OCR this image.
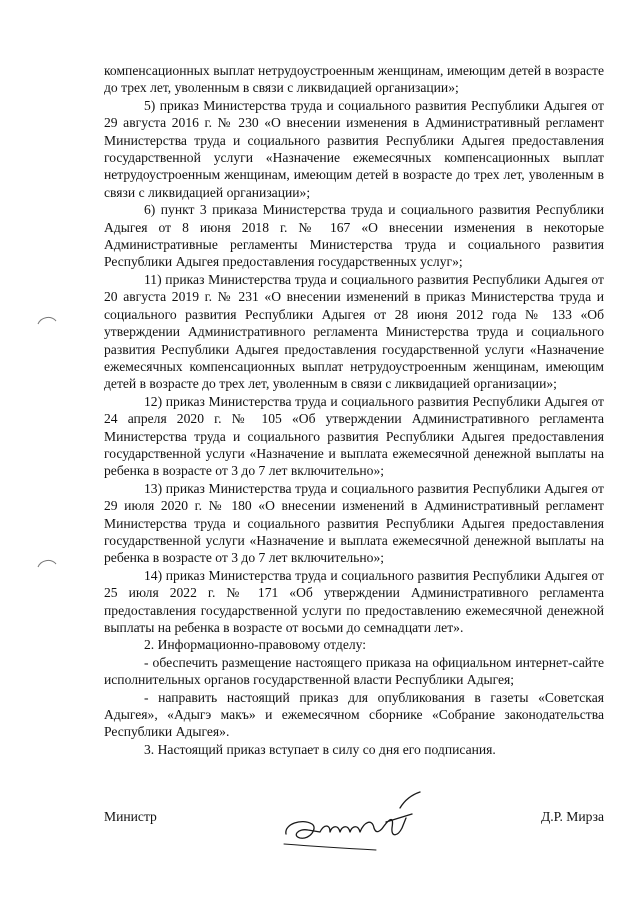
компенсационных выплат нетрудоустроенным женщинам, имеющим детей в возрасте до трех лет, уволенным в связи с ликвидацией организации»;

5) приказ Министерства труда и социального развития Республики Адыгея от 29 августа 2016 г. № 230 «О внесении изменения в Административный регламент Министерства труда и социального развития Республики Адыгея предоставления государственной услуги «Назначение ежемесячных компенсационных выплат нетрудоустроенным женщинам, имеющим детей в возрасте до трех лет, уволенным в связи с ликвидацией организации»;

6) пункт 3 приказа Министерства труда и социального развития Республики Адыгея от 8 июня 2018 г. № 167 «О внесении изменения в некоторые Административные регламенты Министерства труда и социального развития Республики Адыгея предоставления государственных услуг»;

11) приказ Министерства труда и социального развития Республики Адыгея от 20 августа 2019 г. № 231 «О внесении изменений в приказ Министерства труда и социального развития Республики Адыгея от 28 июня 2012 года № 133 «Об утверждении Административного регламента Министерства труда и социального развития Республики Адыгея предоставления государственной услуги «Назначение ежемесячных компенсационных выплат нетрудоустроенным женщинам, имеющим детей в возрасте до трех лет, уволенным в связи с ликвидацией организации»;

12) приказ Министерства труда и социального развития Республики Адыгея от 24 апреля 2020 г. № 105 «Об утверждении Административного регламента Министерства труда и социального развития Республики Адыгея предоставления государственной услуги «Назначение и выплата ежемесячной денежной выплаты на ребенка в возрасте от 3 до 7 лет включительно»;

13) приказ Министерства труда и социального развития Республики Адыгея от 29 июля 2020 г. № 180 «О внесении изменений в Административный регламент Министерства труда и социального развития Республики Адыгея предоставления государственной услуги «Назначение и выплата ежемесячной денежной выплаты на ребенка в возрасте от 3 до 7 лет включительно»;

14) приказ Министерства труда и социального развития Республики Адыгея от 25 июля 2022 г. № 171 «Об утверждении Административного регламента предоставления государственной услуги по предоставлению ежемесячной денежной выплаты на ребенка в возрасте от восьми до семнадцати лет».

2. Информационно-правовому отделу:

- обеспечить размещение настоящего приказа на официальном интернет-сайте исполнительных органов государственной власти Республики Адыгея;

- направить настоящий приказ для опубликования в газеты «Советская Адыгея», «Адыгэ макъ» и ежемесячном сборнике «Собрание законодательства Республики Адыгея».

3. Настоящий приказ вступает в силу со дня его подписания.

Министр	Д.Р. Мирза
